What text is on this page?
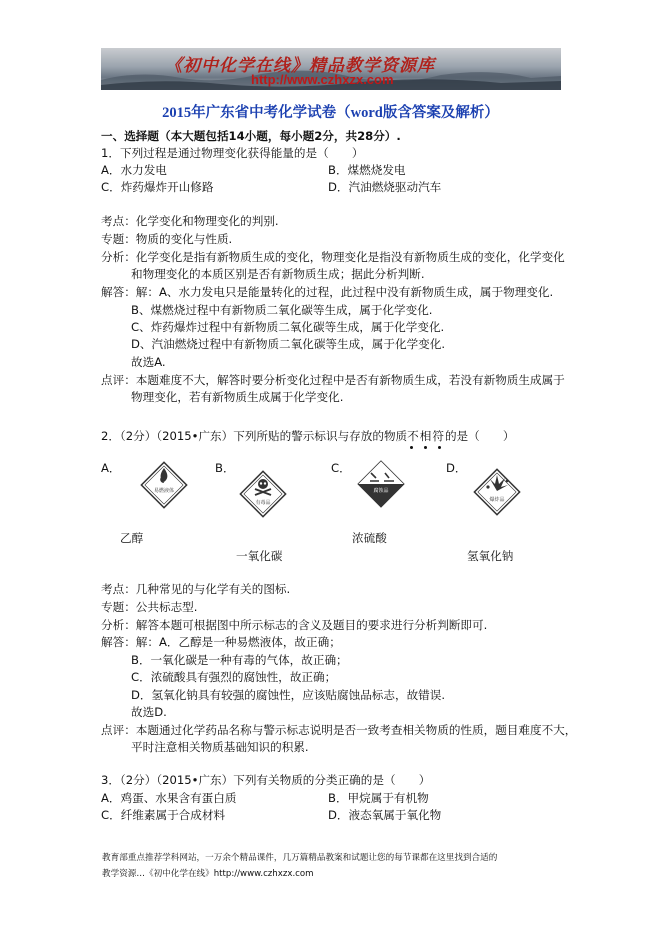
《初中化学在线》精品教学资源库
http://www.czhxzx.com
2015年广东省中考化学试卷（word版含答案及解析）
一、选择题（本大题包括14小题，每小题2分，共28分）.
1．下列过程是通过物理变化获得能量的是（　　）
A．水力发电	B．煤燃烧发电
C．炸药爆炸开山修路	D．汽油燃烧驱动汽车
考点：化学变化和物理变化的判别.
专题：物质的变化与性质.
分析：化学变化是指有新物质生成的变化，物理变化是指没有新物质生成的变化，化学变化
和物理变化的本质区别是否有新物质生成；据此分析判断.
解答：解：A、水力发电只是能量转化的过程，此过程中没有新物质生成，属于物理变化.
B、煤燃烧过程中有新物质二氧化碳等生成，属于化学变化.
C、炸药爆炸过程中有新物质二氧化碳等生成，属于化学变化.
D、汽油燃烧过程中有新物质二氧化碳等生成，属于化学变化.
故选A.
点评：本题难度不大，解答时要分析变化过程中是否有新物质生成，若没有新物质生成属于
物理变化，若有新物质生成属于化学变化.
2．（2分）（2015•广东）下列所贴的警示标识与存放的物质不相符的是（　　）
A．	B．	C．	D．
易燃液体
有毒品
腐蚀品
爆炸品
乙醇
一氧化碳
浓硫酸
氢氧化钠
考点：几种常见的与化学有关的图标.
专题：公共标志型.
分析：解答本题可根据图中所示标志的含义及题目的要求进行分析判断即可.
解答：解：A．乙醇是一种易燃液体，故正确；
B．一氧化碳是一种有毒的气体，故正确；
C．浓硫酸具有强烈的腐蚀性，故正确；
D．氢氧化钠具有较强的腐蚀性，应该贴腐蚀品标志，故错误.
故选D.
点评：本题通过化学药品名称与警示标志说明是否一致考查相关物质的性质，题目难度不大，
平时注意相关物质基础知识的积累.
3．（2分）（2015•广东）下列有关物质的分类正确的是（　　）
A．鸡蛋、水果含有蛋白质	B．甲烷属于有机物
C．纤维素属于合成材料	D．液态氧属于氧化物
教育部重点推荐学科网站，一万余个精品课件，几万篇精品教案和试题让您的每节课都在这里找到合适的
教学资源…《初中化学在线》http://www.czhxzx.com
